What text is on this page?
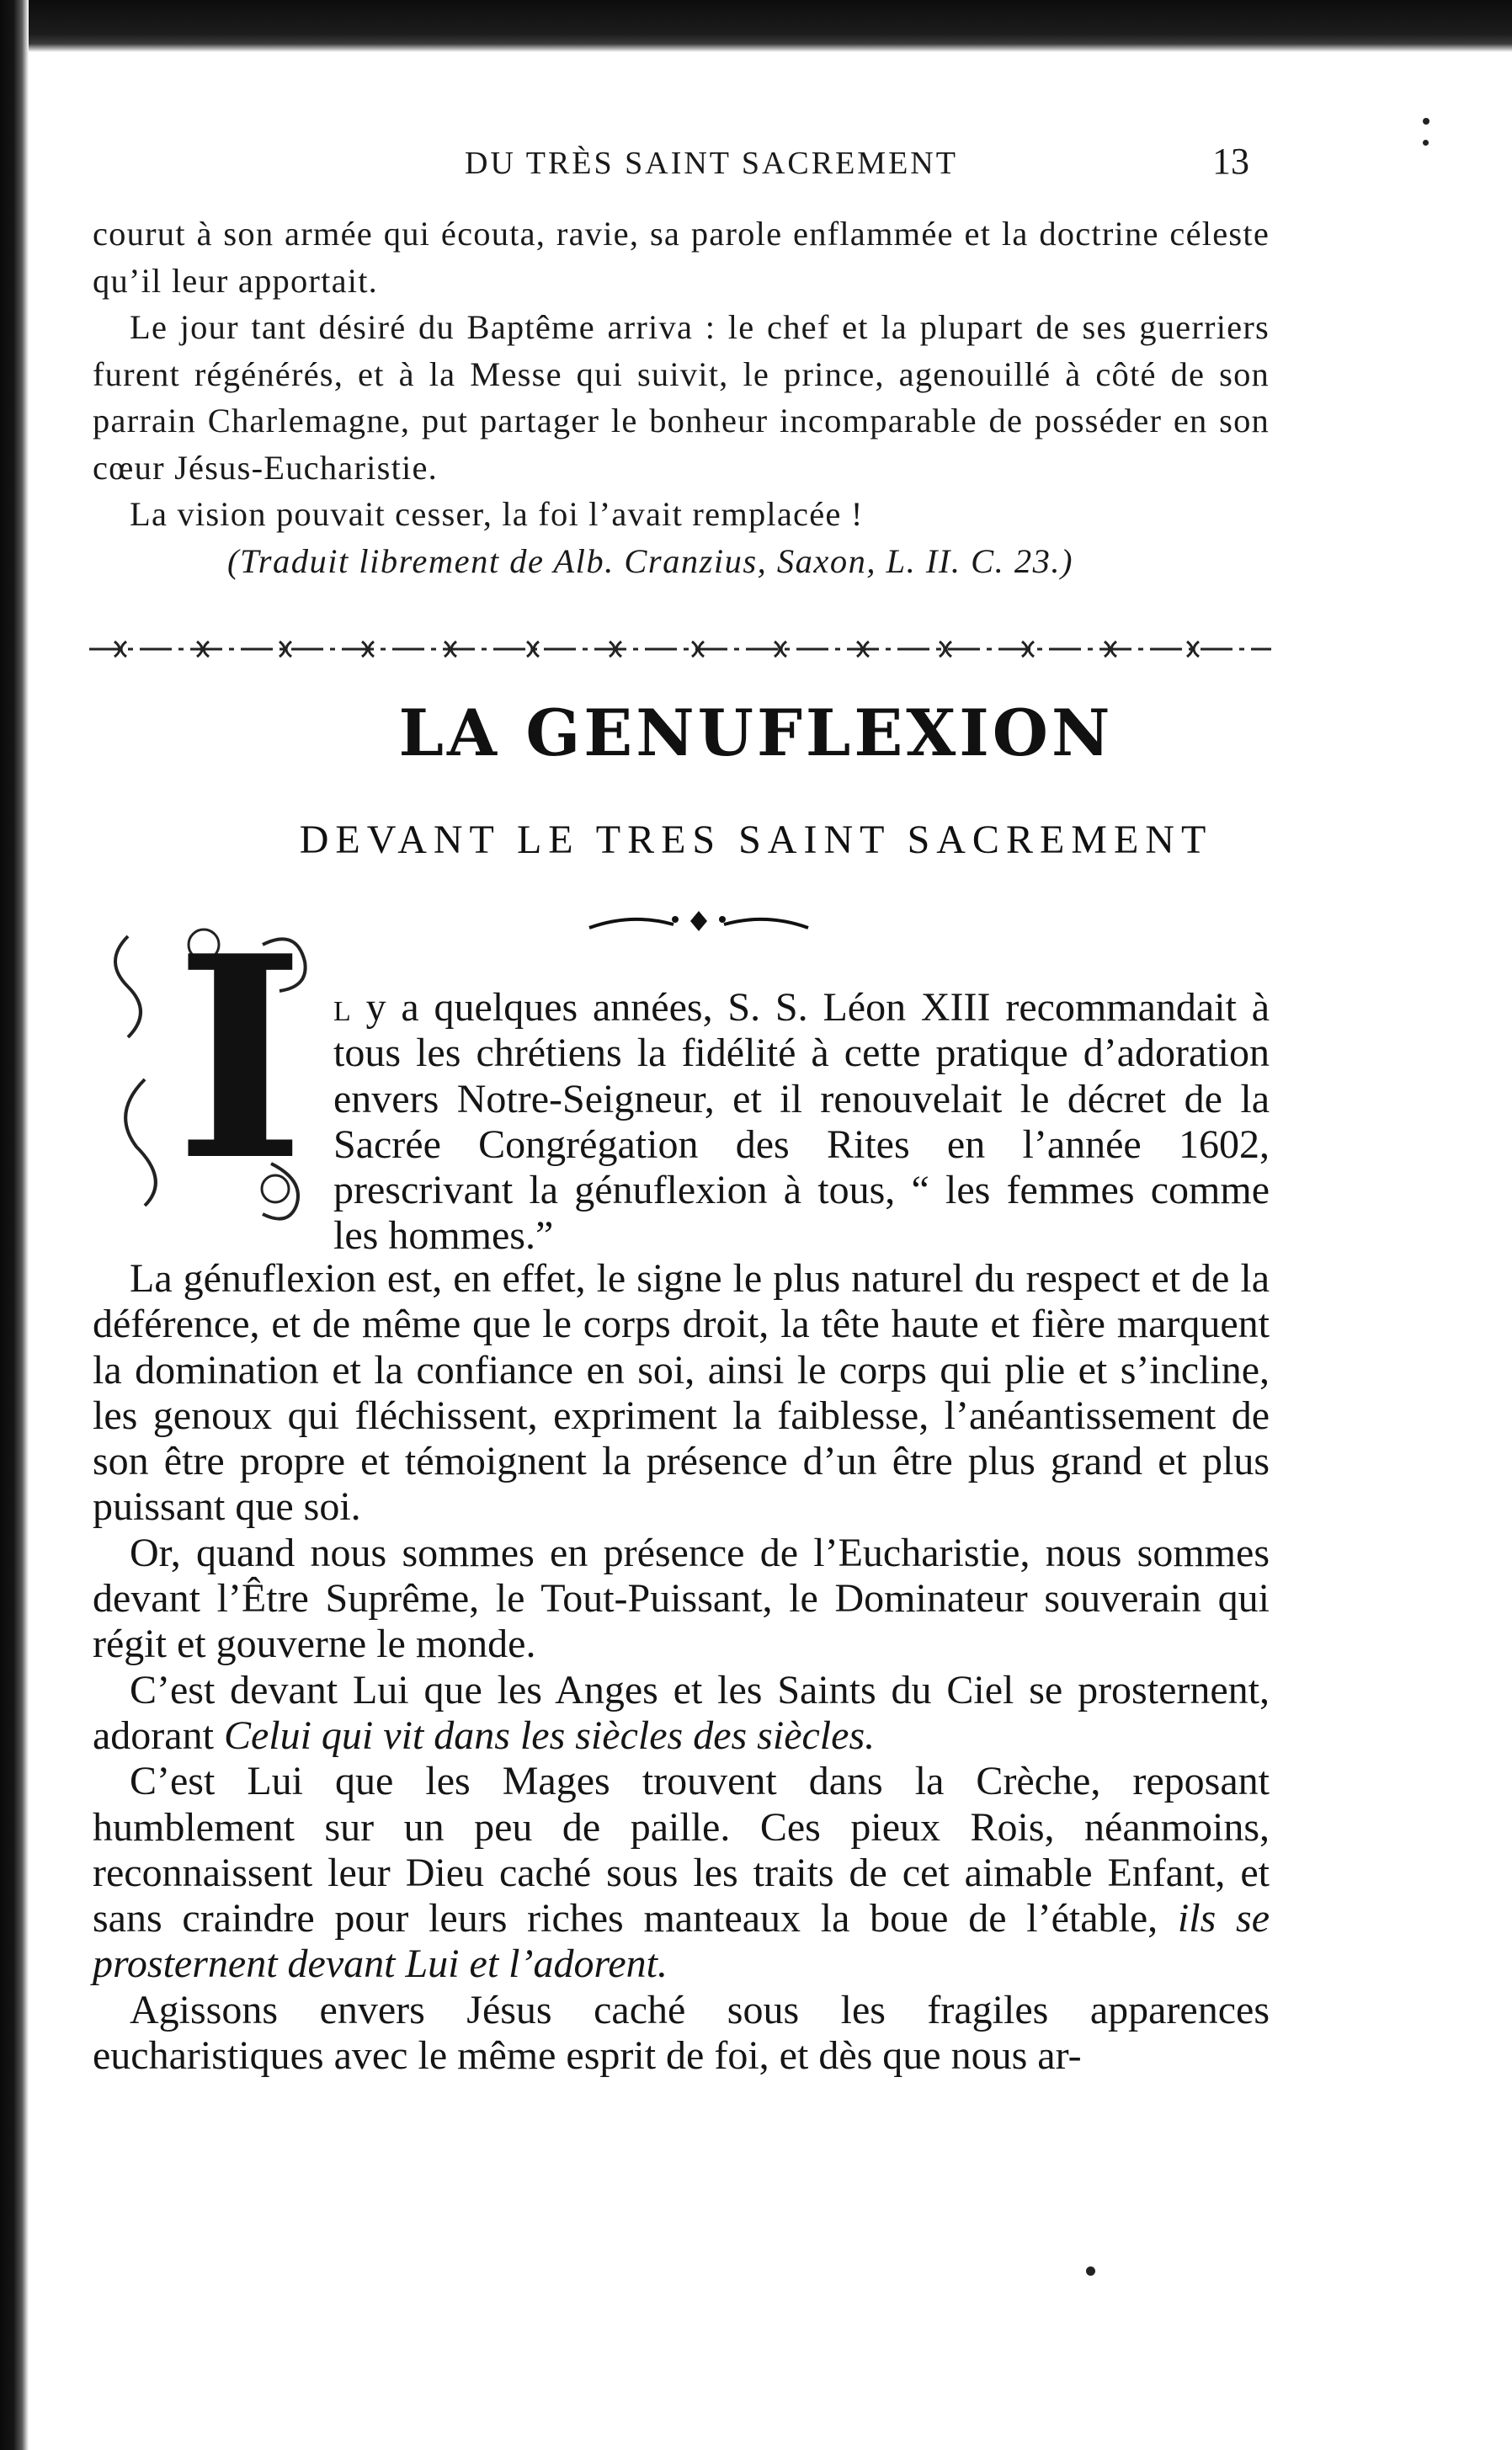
DU TRÈS SAINT SACREMENT	13

courut à son armée qui écouta, ravie, sa parole enflammée et la doctrine céleste qu’il leur apportait.

Le jour tant désiré du Baptême arriva : le chef et la plupart de ses guerriers furent régénérés, et à la Messe qui suivit, le prince, agenouillé à côté de son parrain Charlemagne, put partager le bonheur incomparable de posséder en son cœur Jésus-Eucharistie.

La vision pouvait cesser, la foi l’avait remplacée !

(Traduit librement de Alb. Cranzius, Saxon, L. II. C. 23.)

LA GENUFLEXION
DEVANT LE TRES SAINT SACREMENT
I l y a quelques années, S. S. Léon XIII recommandait à tous les chrétiens la fidélité à cette pratique d’adoration envers Notre-Seigneur, et il renouvelait le décret de la Sacrée Congrégation des Rites en l’année 1602, prescrivant la génuflexion à tous, “ les femmes comme les hommes.”

La génuflexion est, en effet, le signe le plus naturel du respect et de la déférence, et de même que le corps droit, la tête haute et fière marquent la domination et la confiance en soi, ainsi le corps qui plie et s’incline, les genoux qui fléchissent, expriment la faiblesse, l’anéantissement de son être propre et témoignent la présence d’un être plus grand et plus puissant que soi.

Or, quand nous sommes en présence de l’Eucharistie, nous sommes devant l’Être Suprême, le Tout-Puissant, le Dominateur souverain qui régit et gouverne le monde.

C’est devant Lui que les Anges et les Saints du Ciel se prosternent, adorant Celui qui vit dans les siècles des siècles.

C’est Lui que les Mages trouvent dans la Crèche, reposant humblement sur un peu de paille. Ces pieux Rois, néanmoins, reconnaissent leur Dieu caché sous les traits de cet aimable Enfant, et sans craindre pour leurs riches manteaux la boue de l’étable, ils se prosternent devant Lui et l’adorent.

Agissons envers Jésus caché sous les fragiles apparences eucharistiques avec le même esprit de foi, et dès que nous ar-
